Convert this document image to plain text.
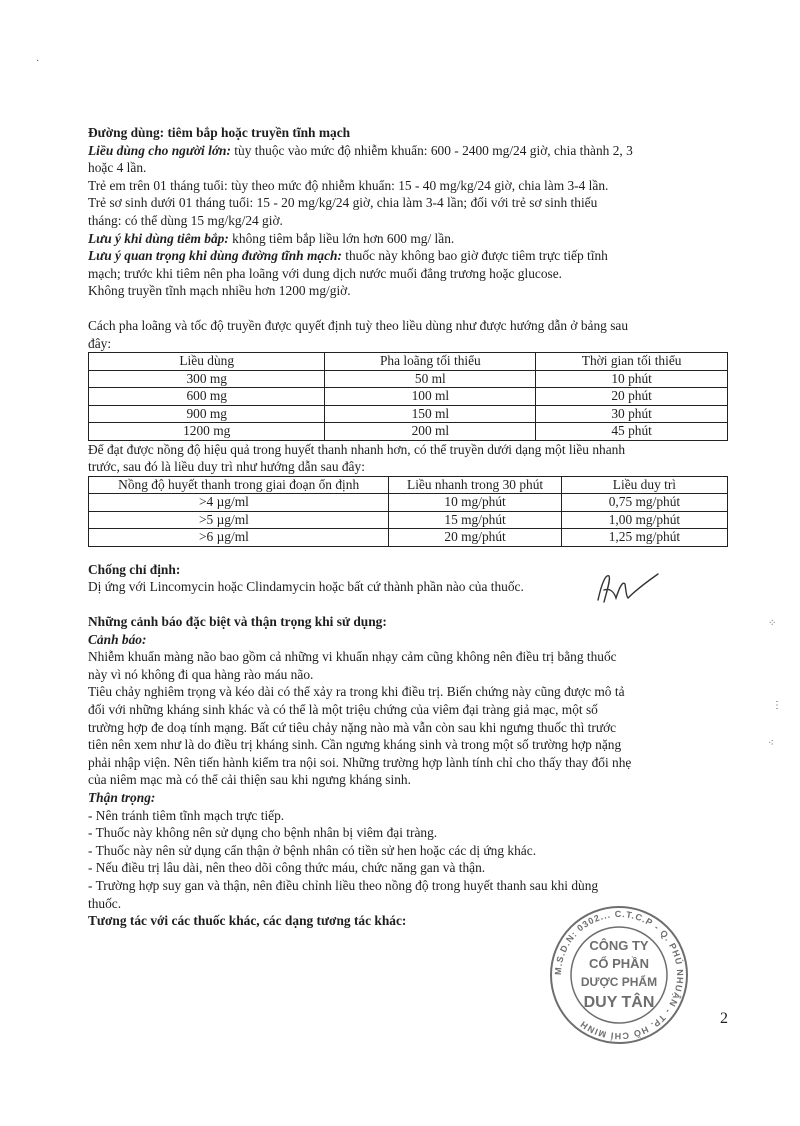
Đường dùng: tiêm bắp hoặc truyền tĩnh mạch

Liều dùng cho người lớn: tùy thuộc vào mức độ nhiễm khuẩn: 600 - 2400 mg/24 giờ, chia thành 2, 3

hoặc 4 lần.

Trẻ em trên 01 tháng tuổi: tùy theo mức độ nhiễm khuẩn: 15 - 40 mg/kg/24 giờ, chia làm 3-4 lần.

Trẻ sơ sinh dưới 01 tháng tuổi: 15 - 20 mg/kg/24 giờ, chia làm 3-4 lần; đối với trẻ sơ sinh thiếu

tháng: có thể dùng 15 mg/kg/24 giờ.

Lưu ý khi dùng tiêm bắp: không tiêm bắp liều lớn hơn 600 mg/ lần.

Lưu ý quan trọng khi dùng đường tĩnh mạch: thuốc này không bao giờ được tiêm trực tiếp tĩnh

mạch; trước khi tiêm nên pha loãng với dung dịch nước muối đẳng trương hoặc glucose.

Không truyền tĩnh mạch nhiều hơn 1200 mg/giờ.

Cách pha loãng và tốc độ truyền được quyết định tuỳ theo liều dùng như được hướng dẫn ở bảng sau

đây:

Liều dùng	Pha loãng tối thiểu	Thời gian tối thiểu
300 mg	50 ml	10 phút
600 mg	100 ml	20 phút
900 mg	150 ml	30 phút
1200 mg	200 ml	45 phút

Để đạt được nồng độ hiệu quả trong huyết thanh nhanh hơn, có thể truyền dưới dạng một liều nhanh

trước, sau đó là liều duy trì như hướng dẫn sau đây:

Nồng độ huyết thanh trong giai đoạn ổn định	Liều nhanh trong 30 phút	Liều duy trì
>4 µg/ml	10 mg/phút	0,75 mg/phút
>5 µg/ml	15 mg/phút	1,00 mg/phút
>6 µg/ml	20 mg/phút	1,25 mg/phút

Chống chỉ định:

Dị ứng với Lincomycin hoặc Clindamycin hoặc bất cứ thành phần nào của thuốc.

Những cảnh báo đặc biệt và thận trọng khi sử dụng:

Cảnh báo:

Nhiễm khuẩn màng não bao gồm cả những vi khuẩn nhạy cảm cũng không nên điều trị bằng thuốc

này vì nó không đi qua hàng rào máu não.

Tiêu chảy nghiêm trọng và kéo dài có thể xảy ra trong khi điều trị. Biến chứng này cũng được mô tả

đối với những kháng sinh khác và có thể là một triệu chứng của viêm đại tràng giả mạc, một số

trường hợp đe doạ tính mạng. Bất cứ tiêu chảy nặng nào mà vẫn còn sau khi ngưng thuốc thì trước

tiên nên xem như là do điều trị kháng sinh. Cần ngưng kháng sinh và trong một số trường hợp nặng

phải nhập viện. Nên tiến hành kiểm tra nội soi. Những trường hợp lành tính chỉ cho thấy thay đổi nhẹ

của niêm mạc mà có thể cải thiện sau khi ngưng kháng sinh.

Thận trọng:

- Nên tránh tiêm tĩnh mạch trực tiếp.

- Thuốc này không nên sử dụng cho bệnh nhân bị viêm đại tràng.

- Thuốc này nên sử dụng cẩn thận ở bệnh nhân có tiền sử hen hoặc các dị ứng khác.

- Nếu điều trị lâu dài, nên theo dõi công thức máu, chức năng gan và thận.

- Trường hợp suy gan và thận, nên điều chỉnh liều theo nồng độ trong huyết thanh sau khi dùng

thuốc.

Tương tác với các thuốc khác, các dạng tương tác khác:

M.S.D.N: 0302... C.T.C.P - Q. PHÚ NHUẬN - TP. HỒ CHÍ MINH
CÔNG TY
CỔ PHẦN
DƯỢC PHẨM
DUY TÂN
2
·
⁘
⋮
⁖
